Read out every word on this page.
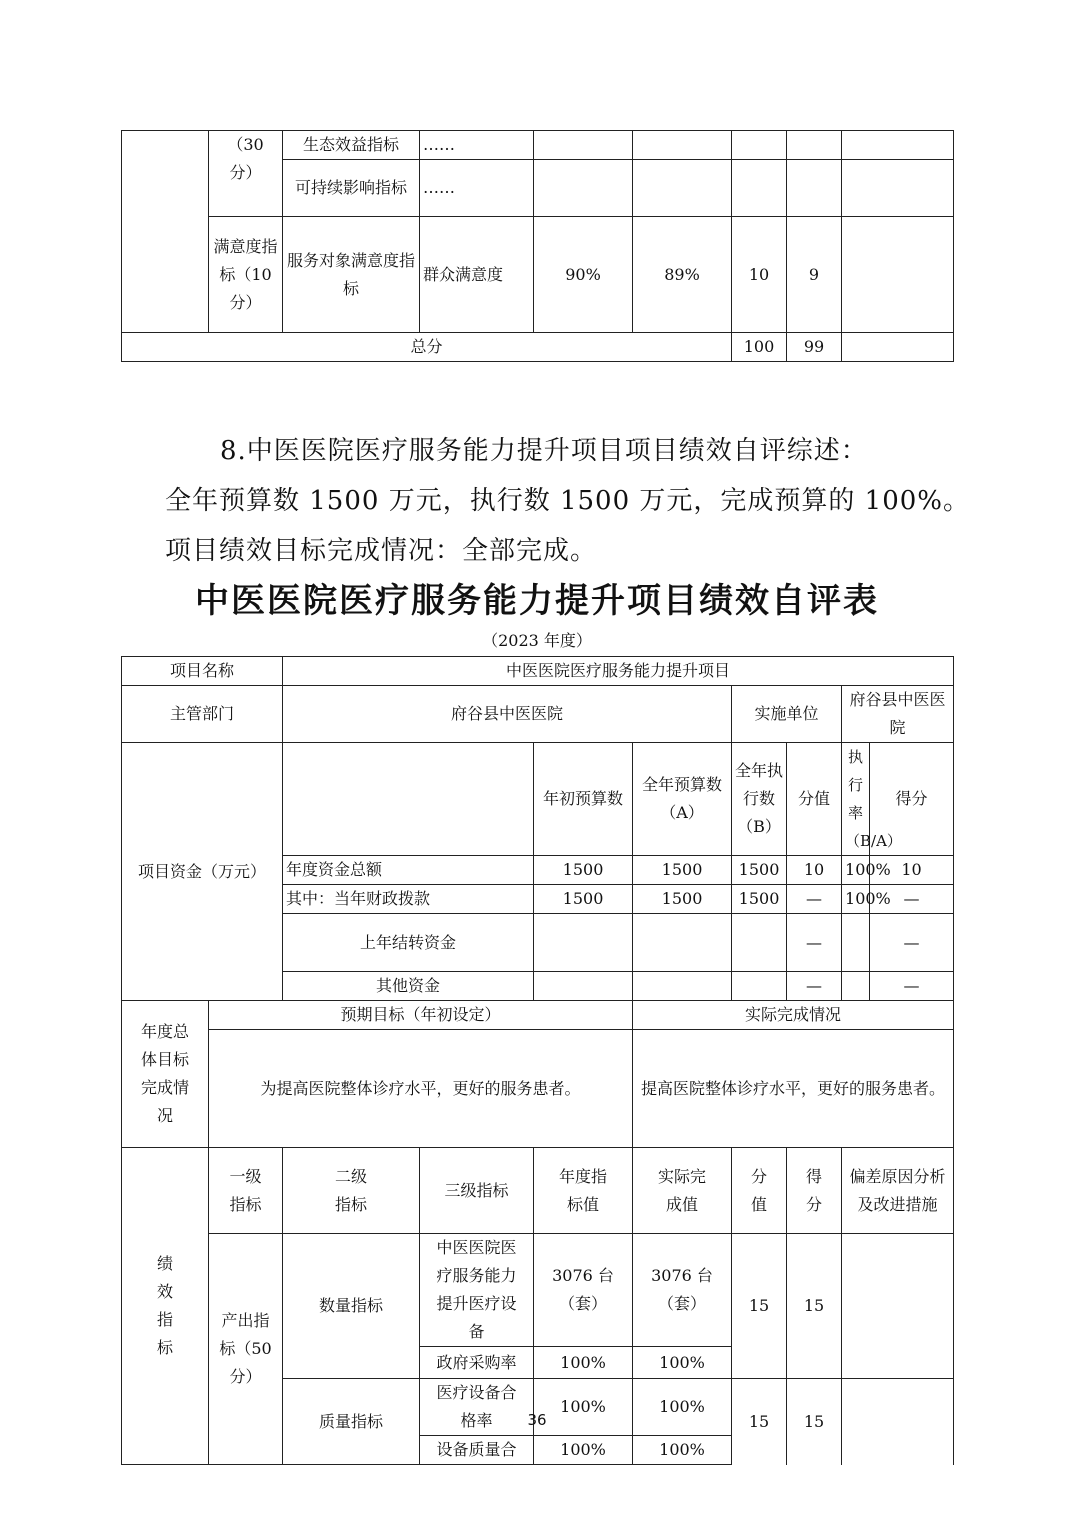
	（30
分）	生态效益指标	……					
		可持续影响指标	……					
	满意度指标（10分）	服务对象满意度指标	群众满意度	90%	89%	10	9	
总分						100	99	
8.中医医院医疗服务能力提升项目项目绩效自评综述：
全年预算数 1500 万元，执行数 1500 万元，完成预算的 100%。
项目绩效目标完成情况：全部完成。
中医医院医疗服务能力提升项目绩效自评表
（2023 年度）
项目名称		中医医院医疗服务能力提升项目							
主管部门		府谷县中医医院				实施单位		府谷县中医医院	
项目资金（万元）				年初预算数	全年预算数（A）	全年执行数（B）	分值	执行率（B/A）	得分
		年度资金总额		1500	1500	1500	10	100%	10
		其中：当年财政拨款		1500	1500	1500	—	100%	—
		上年结转资金					—		—
		其他资金					—		—
年度总体目标完成情况	预期目标（年初设定）				实际完成情况				
	为提高医院整体诊疗水平，更好的服务患者。				提高医院整体诊疗水平，更好的服务患者。				
绩效指标	一级指标	二级指标	三级指标	年度指标值	实际完成值	分值	得分	偏差原因分析及改进措施	
	产出指标（50分）	数量指标	中医医院医疗服务能力提升医疗设备	3076 台（套）	3076 台（套）	15	15		
			政府采购率	100%	100%				
		质量指标	医疗设备合格率	100%	100%	15	15		
			设备质量合	100%	100%				
36
